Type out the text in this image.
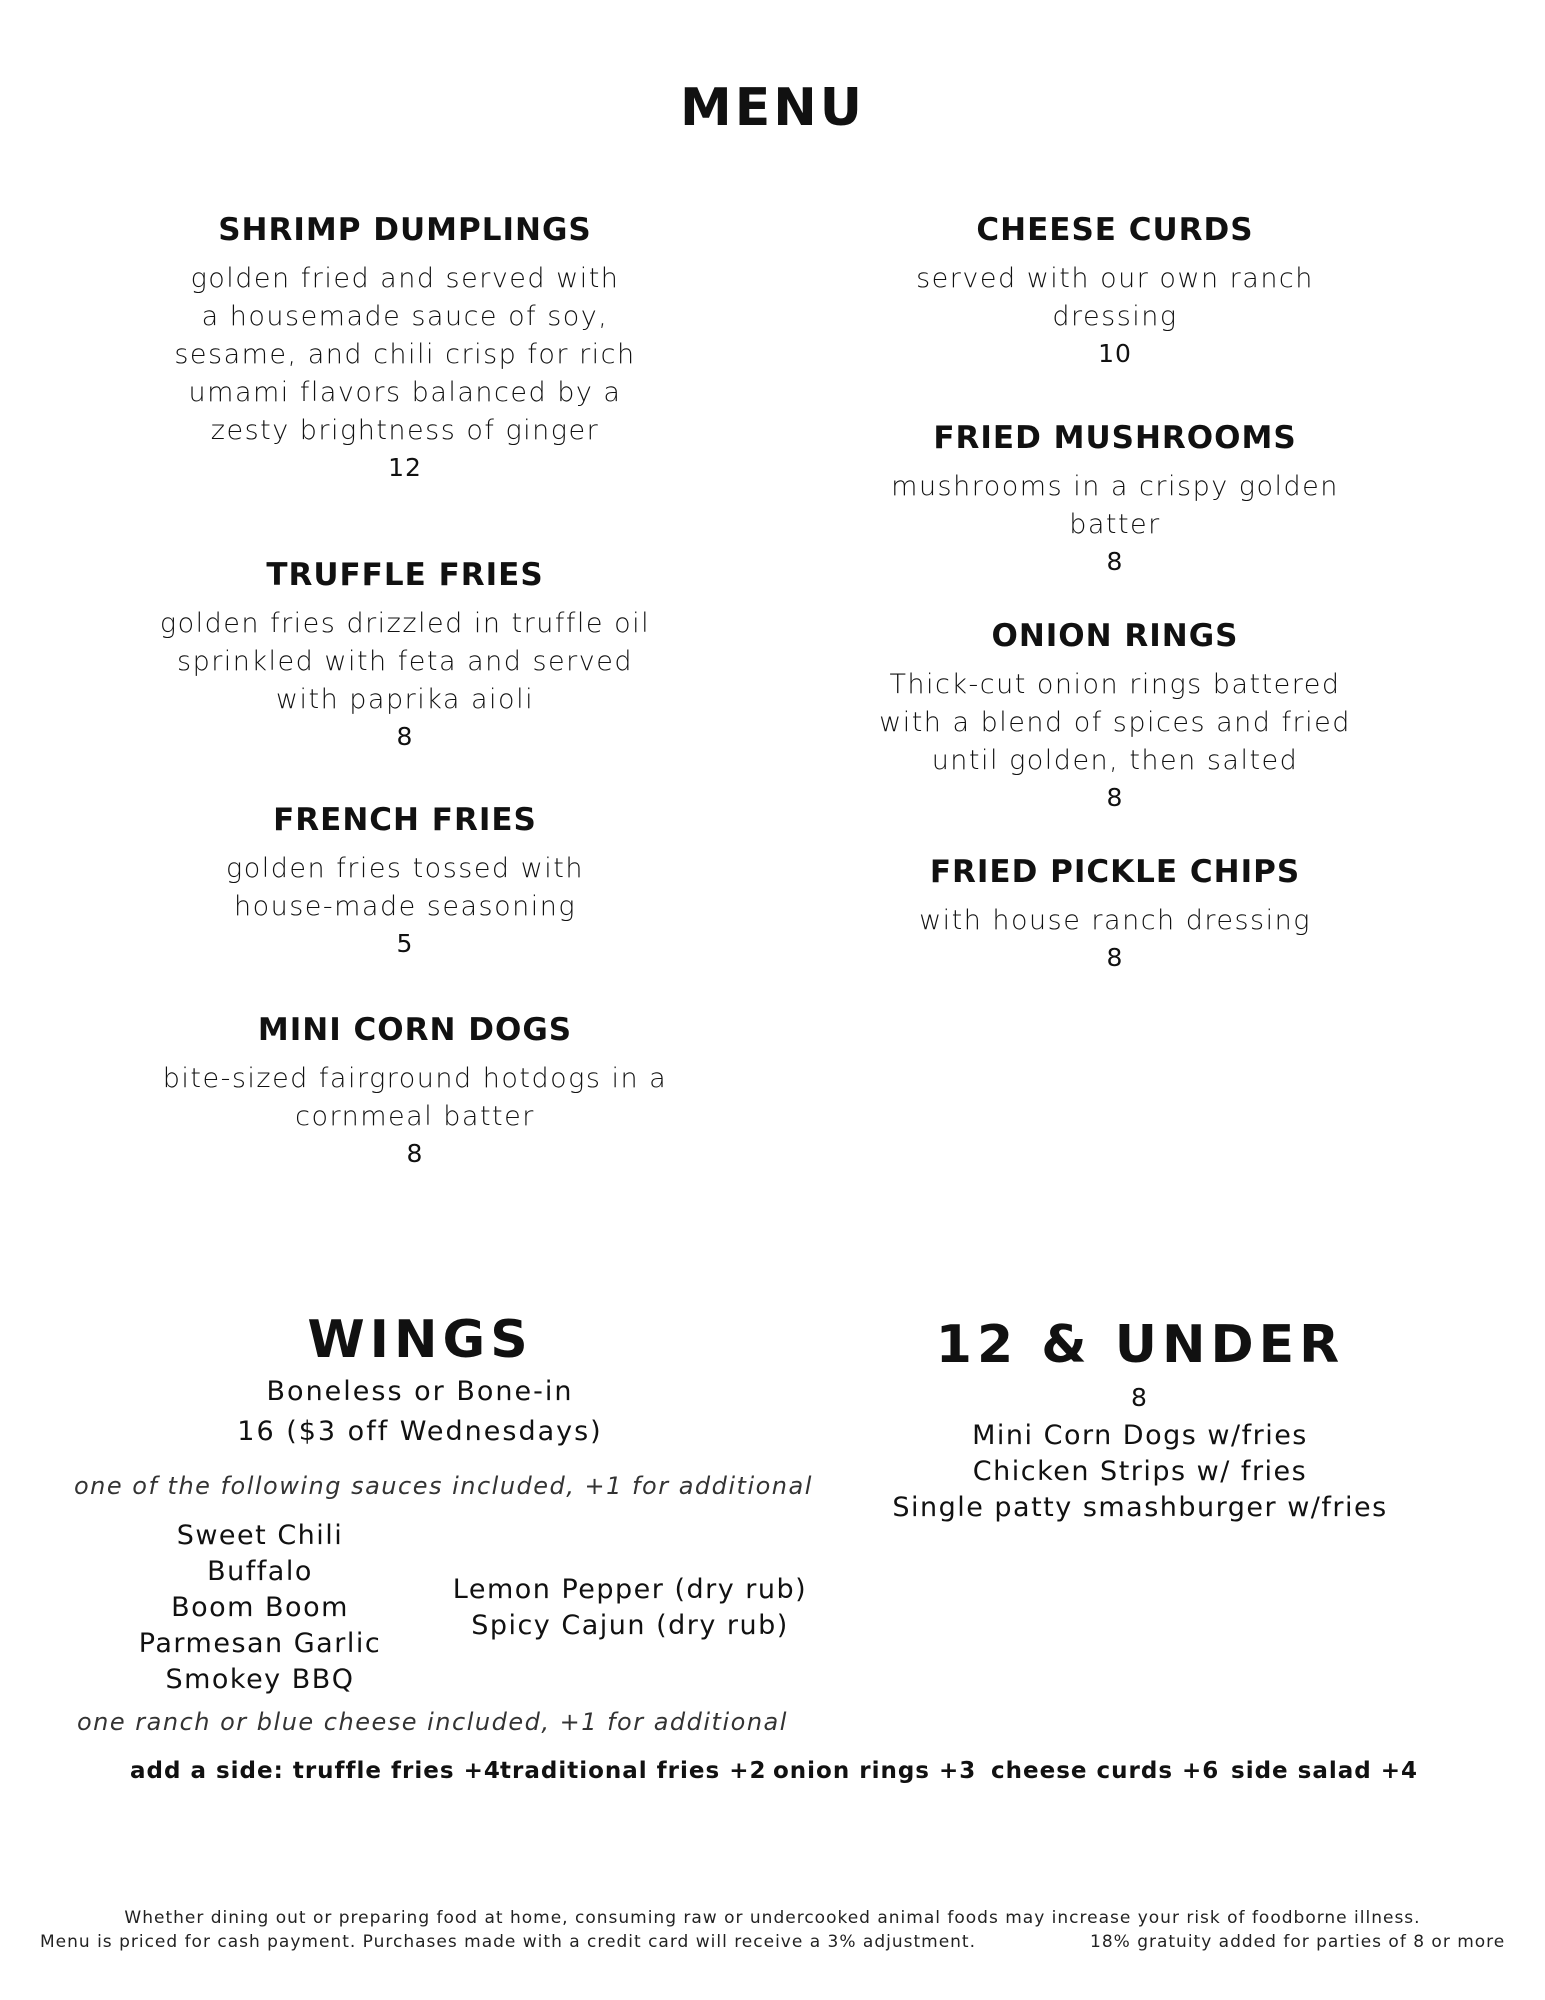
MENU
SHRIMP DUMPLINGS
golden fried and served with
a housemade sauce of soy,
sesame, and chili crisp for rich
umami flavors balanced by a
zesty brightness of ginger
12
TRUFFLE FRIES
golden fries drizzled in truffle oil
sprinkled with feta and served
with paprika aioli
8
FRENCH FRIES
golden fries tossed with
house-made seasoning
5
MINI CORN DOGS
bite-sized fairground hotdogs in a
cornmeal batter
8
CHEESE CURDS
served with our own ranch
dressing
10
FRIED MUSHROOMS
mushrooms in a crispy golden
batter
8
ONION RINGS
Thick-cut onion rings battered
with a blend of spices and fried
until golden, then salted
8
FRIED PICKLE CHIPS
with house ranch dressing
8
WINGS
Boneless or Bone-in
16 ($3 off Wednesdays)
one of the following sauces included, +1 for additional
Sweet Chili
Buffalo
Boom Boom
Parmesan Garlic
Smokey BBQ
Lemon Pepper (dry rub)
Spicy Cajun (dry rub)
one ranch or blue cheese included, +1 for additional
12 & UNDER
8
Mini Corn Dogs w/fries
Chicken Strips w/ fries
Single patty smashburger w/fries
add a side: truffle fries +4 traditional fries +2 onion rings +3 cheese curds +6 side salad +4
Whether dining out or preparing food at home, consuming raw or undercooked animal foods may increase your risk of foodborne illness.
Menu is priced for cash payment. Purchases made with a credit card will receive a 3% adjustment.	18% gratuity added for parties of 8 or more
